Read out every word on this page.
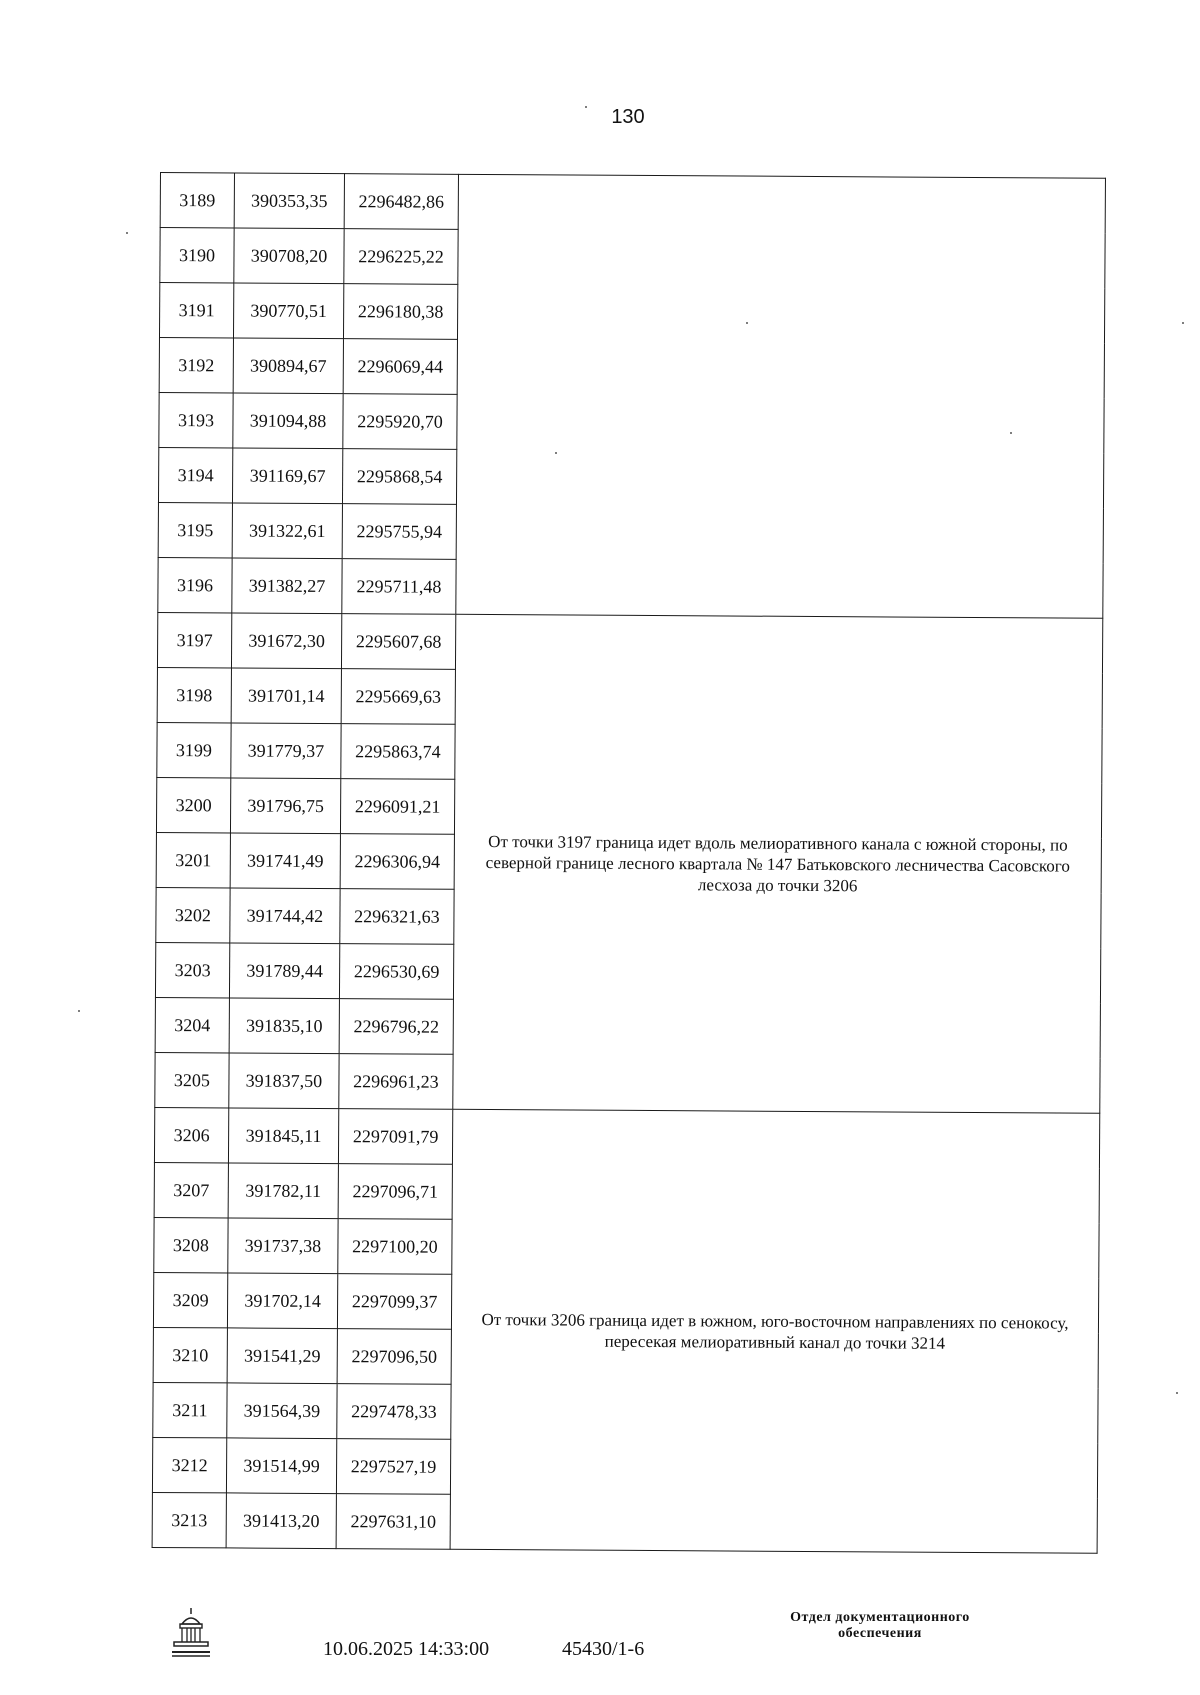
130
3189	390353,35	2296482,86	
3190	390708,20	2296225,22	
3191	390770,51	2296180,38	
3192	390894,67	2296069,44	
3193	391094,88	2295920,70	
3194	391169,67	2295868,54	
3195	391322,61	2295755,94	
3196	391382,27	2295711,48	
3197	391672,30	2295607,68	От точки 3197 граница идет вдоль мелиоративного канала с южной стороны, по северной границе лесного квартала № 147 Батьковского лесничества Сасовского лесхоза до точки 3206
3198	391701,14	2295669,63	
3199	391779,37	2295863,74	
3200	391796,75	2296091,21	
3201	391741,49	2296306,94	
3202	391744,42	2296321,63	
3203	391789,44	2296530,69	
3204	391835,10	2296796,22	
3205	391837,50	2296961,23	
3206	391845,11	2297091,79	От точки 3206 граница идет в южном, юго-восточном направлениях по сенокосу, пересекая мелиоративный канал до точки 3214
3207	391782,11	2297096,71	
3208	391737,38	2297100,20	
3209	391702,14	2297099,37	
3210	391541,29	2297096,50	
3211	391564,39	2297478,33	
3212	391514,99	2297527,19	
3213	391413,20	2297631,10	
10.06.2025 14:33:00	45430/1-6
Отдел документационного
обеспечения
